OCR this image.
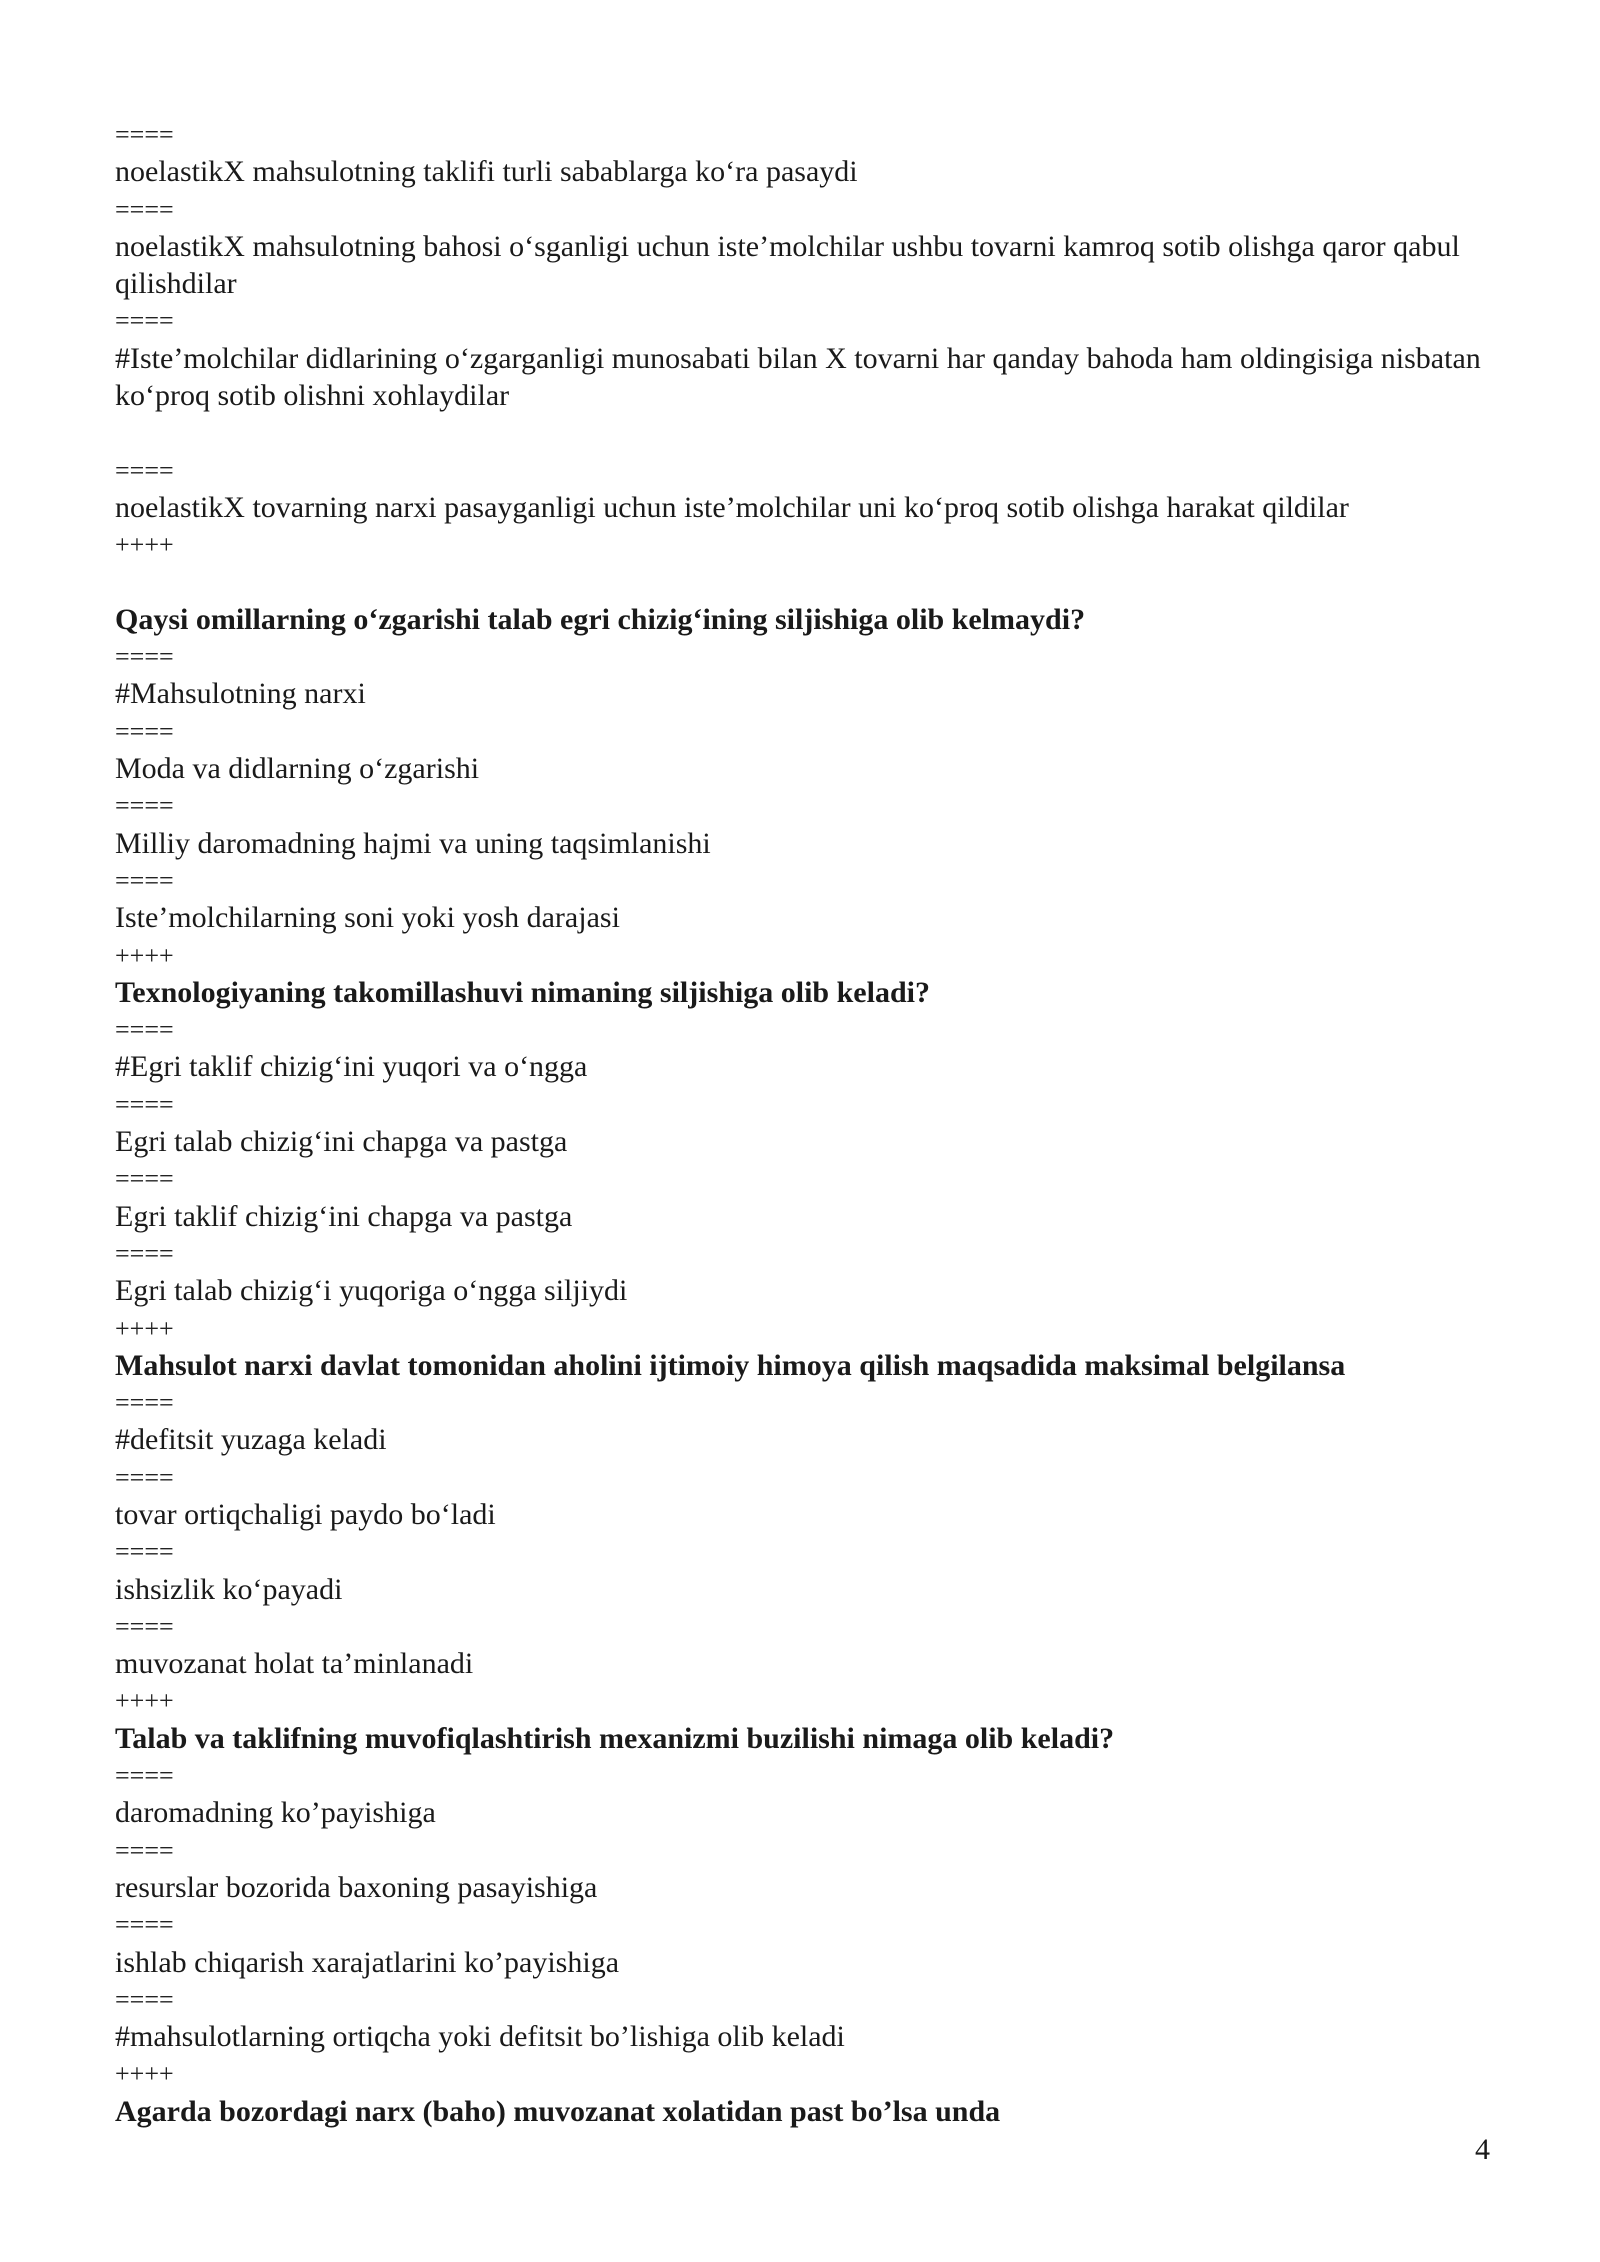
====

noelastikX mahsulotning taklifi turli sabablarga ko‘ra pasaydi

====

noelastikX mahsulotning bahosi o‘sganligi uchun iste’molchilar ushbu tovarni kamroq sotib olishga qaror qabul qilishdilar

====

#Iste’molchilar didlarining o‘zgarganligi munosabati bilan X tovarni har qanday bahoda ham oldingisiga nisbatan ko‘proq sotib olishni xohlaydilar

====

noelastikX tovarning narxi pasayganligi uchun iste’molchilar uni ko‘proq sotib olishga harakat qildilar

++++

Qaysi omillarning o‘zgarishi talab egri chizig‘ining siljishiga olib kelmaydi?

====

#Mahsulotning narxi

====

Moda va didlarning o‘zgarishi

====

Milliy daromadning hajmi va uning taqsimlanishi

====

Iste’molchilarning soni yoki yosh darajasi

++++

Texnologiyaning takomillashuvi nimaning siljishiga olib keladi?

====

#Egri taklif chizig‘ini yuqori va o‘ngga

====

Egri talab chizig‘ini chapga va pastga

====

Egri taklif chizig‘ini chapga va pastga

====

Egri talab chizig‘i yuqoriga o‘ngga siljiydi

++++

Mahsulot narxi davlat tomonidan aholini ijtimoiy himoya qilish maqsadida maksimal belgilansa

====

#defitsit yuzaga keladi

====

tovar ortiqchaligi paydo bo‘ladi

====

ishsizlik ko‘payadi

====

muvozanat holat ta’minlanadi

++++

Talab va taklifning muvofiqlashtirish mexanizmi buzilishi nimaga olib keladi?

====

daromadning ko’payishiga

====

resurslar bozorida baxoning pasayishiga

====

ishlab chiqarish xarajatlarini ko’payishiga

====

#mahsulotlarning ortiqcha yoki defitsit bo’lishiga olib keladi

++++

Agarda bozordagi narx (baho) muvozanat xolatidan past bo’lsa unda

4
